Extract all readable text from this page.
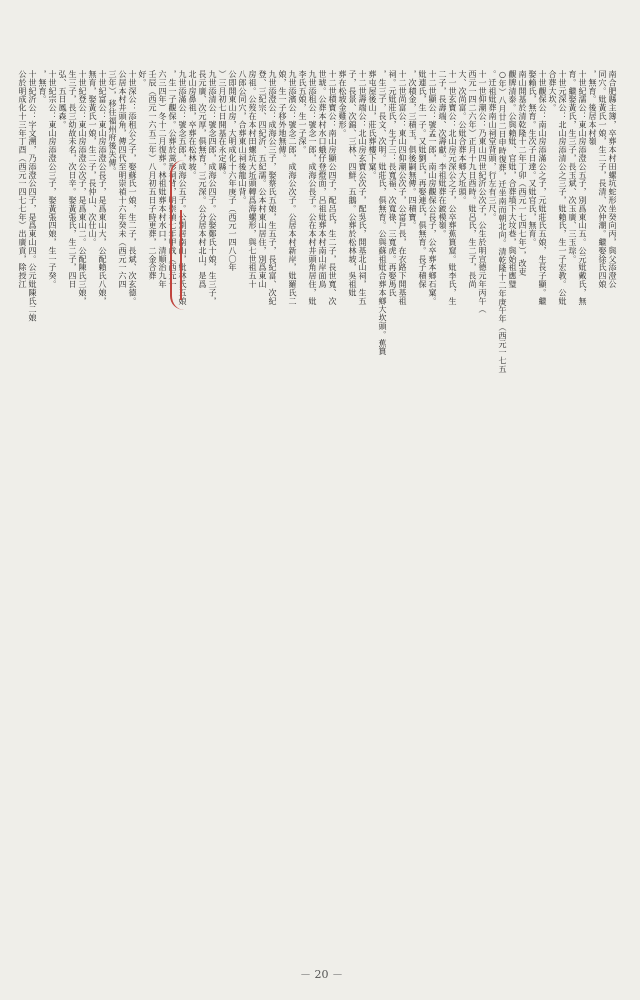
南合肥縣主簿，卒葬本村田螺坑蛇形坐癸向丙，與父添澄公
同穴。妣黃氏一娘，生二子，長清、次仲潮。繼娶徐氏四娘
，無育。後居本村嶺
十世紀濡公：東山房添澄公五子，別爲東山五。公元妣戴氏，無
育。繼娶黃氏，生三子，長玉斌、次玉廣、三玉琮。
十世元深公：北山房添清公之三子，妣賴氏，生一子宏教。公妣
合葬大坎。
十世觀保公：南山房添滿公之子，元妣莊氏五娘，生長子顯。繼
娶賴氏，無育。生次子日達。又妣官氏，無育。
南山開基於清乾隆十二年丁卯（西元一七四七年），改吏
觀牌清泰。公與賴妣、官妣，合葬墳下大坟巷，與始祖應璧
○年）八月廿二日申時復葬，迁坐南而朝北向。清乾隆十二年庚午年（西元一七五
。迁祖妣葬南山祠堂背頭，行左有三尺。
十一世仰潮公：乃東山四世紀沂公次子，公生於明宣德元年丙午（
西元一四二六年）正月十九日酉時。妣呂氏，生二子，長尚
大、次尚富。公妣合葬本鄉大坵頭。
十一世玄寶公：北山房元深公之子，公卒葬蕉篔窟。妣李氏，生
二子，長壽端、次壽獻。李祖妣葬在鈹模嶺。
十二世顯公：號孟一郎，南山房觀保公長子，公卒葬本鄉石窠。
妣連氏，生一子。又妣劉氏，再娶連氏，俱無育。長子積保
，次積金，三積玉，俱後嗣無傳。四積寶。
十二世尚富公：東山四仰潮公次子，公富戶長，在衣路下開基祖
祠。元妣莊氏，生子三：長寬福、次寬祿、三寬虎。再娶馬氏
，生三子，長文、次明。妣莊氏，俱無育。公與蘇祖妣合葬本鄉大坎頭。蕉篔
葬屯屋後山，莊氏葬樓下窠。
十二世壽端公：北山房玄寶公次子，配吳氏，開基北山祠，生五
子，長景、次錦、三林、四鮮、五鵝。公葬於松林坡，吳祖妣
葬在松坡金雞形。
十二世積寶公：南山房顯公四子，配呂氏，生二子，長世寬、次
世琥。公葬本村水口蛾仔登燈面，呂祖妣葬本村南山岸面鳥
九世添租公：號念一郎，成海公長子。公在本村井頭角居住，妣
李氏五娘，生一子深。
九世添濱公：號念二郎，成海公次子。公居本村新岸，妣羅氏二
娘，生一子移外地無傳。
九世添澄公：成海公三子，娶蔡氏五娘，生五子，長紀富、次紀
登、三紀宗、四紀沂、五紀濡。公本村東山居住，別爲東山
房祖。公歿在本村田螺坑大坵頭轉爲海螺形，與七世祖五十
八郎公同穴，合葬東山祠後龍山背。
公即開東山房，大明成化十六年庚子（西元一四八〇年
）三月初七日開基在永定縣。
九世添清公：號念四郎，成海公四子。公娶鄭氏十娘，生三子，
長元廣、次元厚，俱無育，三元深。公分居本村北山，是爲
北山房鼻祖，卒葬在松林坡。
九世添滿公：號念五郎，成海公五子。公別居南山，妣林氏五娘
，生一子觀保。公葬於蒿形祠背，明崇禎七年甲戌（西元一
六三四年）冬十二月復葬。林祖妣葬本村水口，清順治九年
壬辰（西元一六五二年）八月初五日子時更葬，二金合葬
好。
十世深公：添租公之子，娶蘇氏一娘，生二子，長斌、次玄德。
公居本村井頭角，傳四代至明崇禎十六年癸未（西元一六四
三年），移往福州府後失傳。
十世紀富公：東山房添澄公長子，是爲東山大，公配賴氏八娘，
無育，娶黃氏一娘，生二子，長仲山、次仕山。
十世紀登公：東山房添澄公次子，是爲東山二。公配陳氏三娘，
生三子，長三幼故未名，次日辛。娶黃張氏，生二子，四日
弘、五日鳳森。
十世紀宗公：東山房添澄公三子，娶黃張四娘，生一子癸。
，無育。
十世紀沂公：字文溯，乃添澄公四子，是爲東山四。公元妣陳氏二娘
公於明成化十三年丁酉（西元一四七七年）出廣貢，除授江
－ 20 －
